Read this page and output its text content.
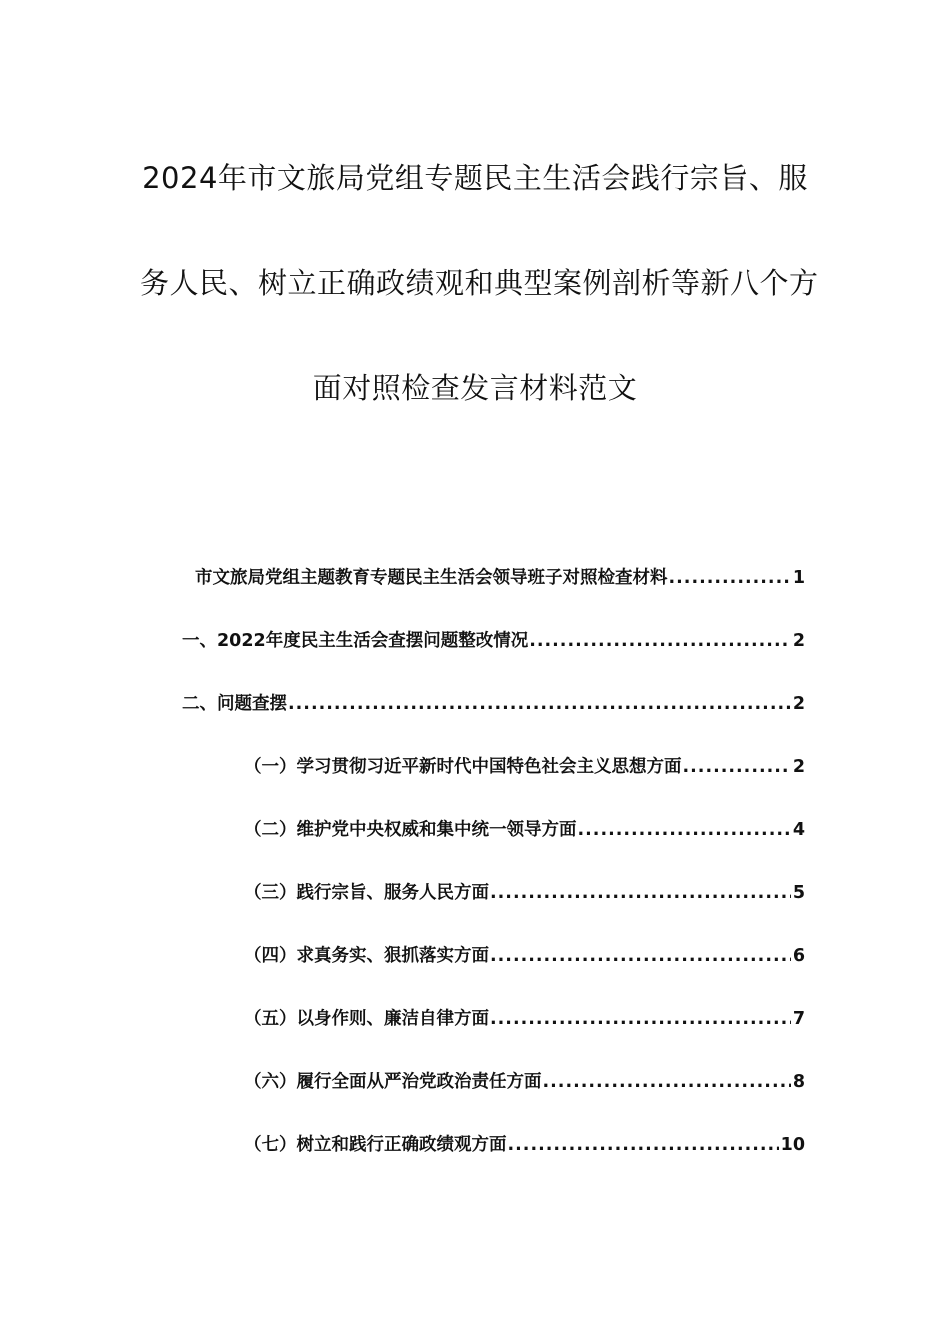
2024年市文旅局党组专题民主生活会践行宗旨、服
务人民、树立正确政绩观和典型案例剖析等新八个方
面对照检查发言材料范文
市文旅局党组主题教育专题民主生活会领导班子对照检查材料 .....	1
一、2022年度民主生活会查摆问题整改情况 .....	2
二、问题查摆 .....	2
（一）学习贯彻习近平新时代中国特色社会主义思想方面 .....	2
（二）维护党中央权威和集中统一领导方面 .....	4
（三）践行宗旨、服务人民方面 .....	5
（四）求真务实、狠抓落实方面 .....	6
（五）以身作则、廉洁自律方面 .....	7
（六）履行全面从严治党政治责任方面 .....	8
（七）树立和践行正确政绩观方面 .....	10
